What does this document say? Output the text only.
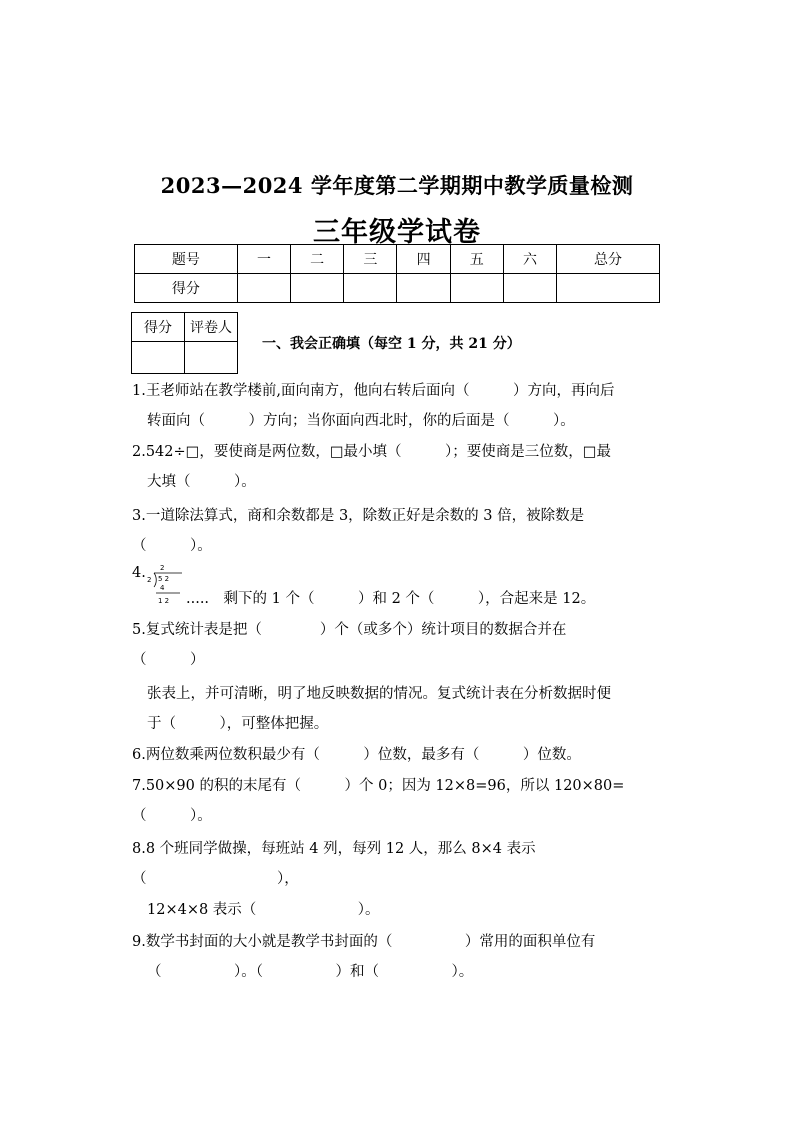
2023—2024 学年度第二学期期中教学质量检测
三年级学试卷
题号	一	二	三	四	五	六	总分
得分							
得分	评卷人

一、我会正确填（每空 1 分，共 21 分）
1.王老师站在教学楼前,面向南方，他向右转后面向（　　　）方向，再向后
转面向（　　　）方向；当你面向西北时，你的后面是（　　　）。
2.542÷□，要使商是两位数，□最小填（　　　）；要使商是三位数，□最
大填（　　　）。
3.一道除法算式，商和余数都是 3，除数正好是余数的 3 倍，被除数是
（　　　）。
4. 2
2 5 2
4
1 2 .....　剩下的 1 个（　　　）和 2 个（　　　），合起来是 12。
5.复式统计表是把（　　　　）个（或多个）统计项目的数据合并在
（　　　）
张表上，并可清晰，明了地反映数据的情况。复式统计表在分析数据时便
于（　　　），可整体把握。
6.两位数乘两位数积最少有（　　　）位数，最多有（　　　）位数。
7.50×90 的积的末尾有（　　　）个 0；因为 12×8=96，所以 120×80=
（　　　）。
8.8 个班同学做操，每班站 4 列，每列 12 人，那么 8×4 表示
（　　　　　　　　　），
12×4×8 表示（　　　　　　　）。
9.数学书封面的大小就是教学书封面的（　　　　　）常用的面积单位有
（　　　　　）。（　　　　　）和（　　　　　）。
